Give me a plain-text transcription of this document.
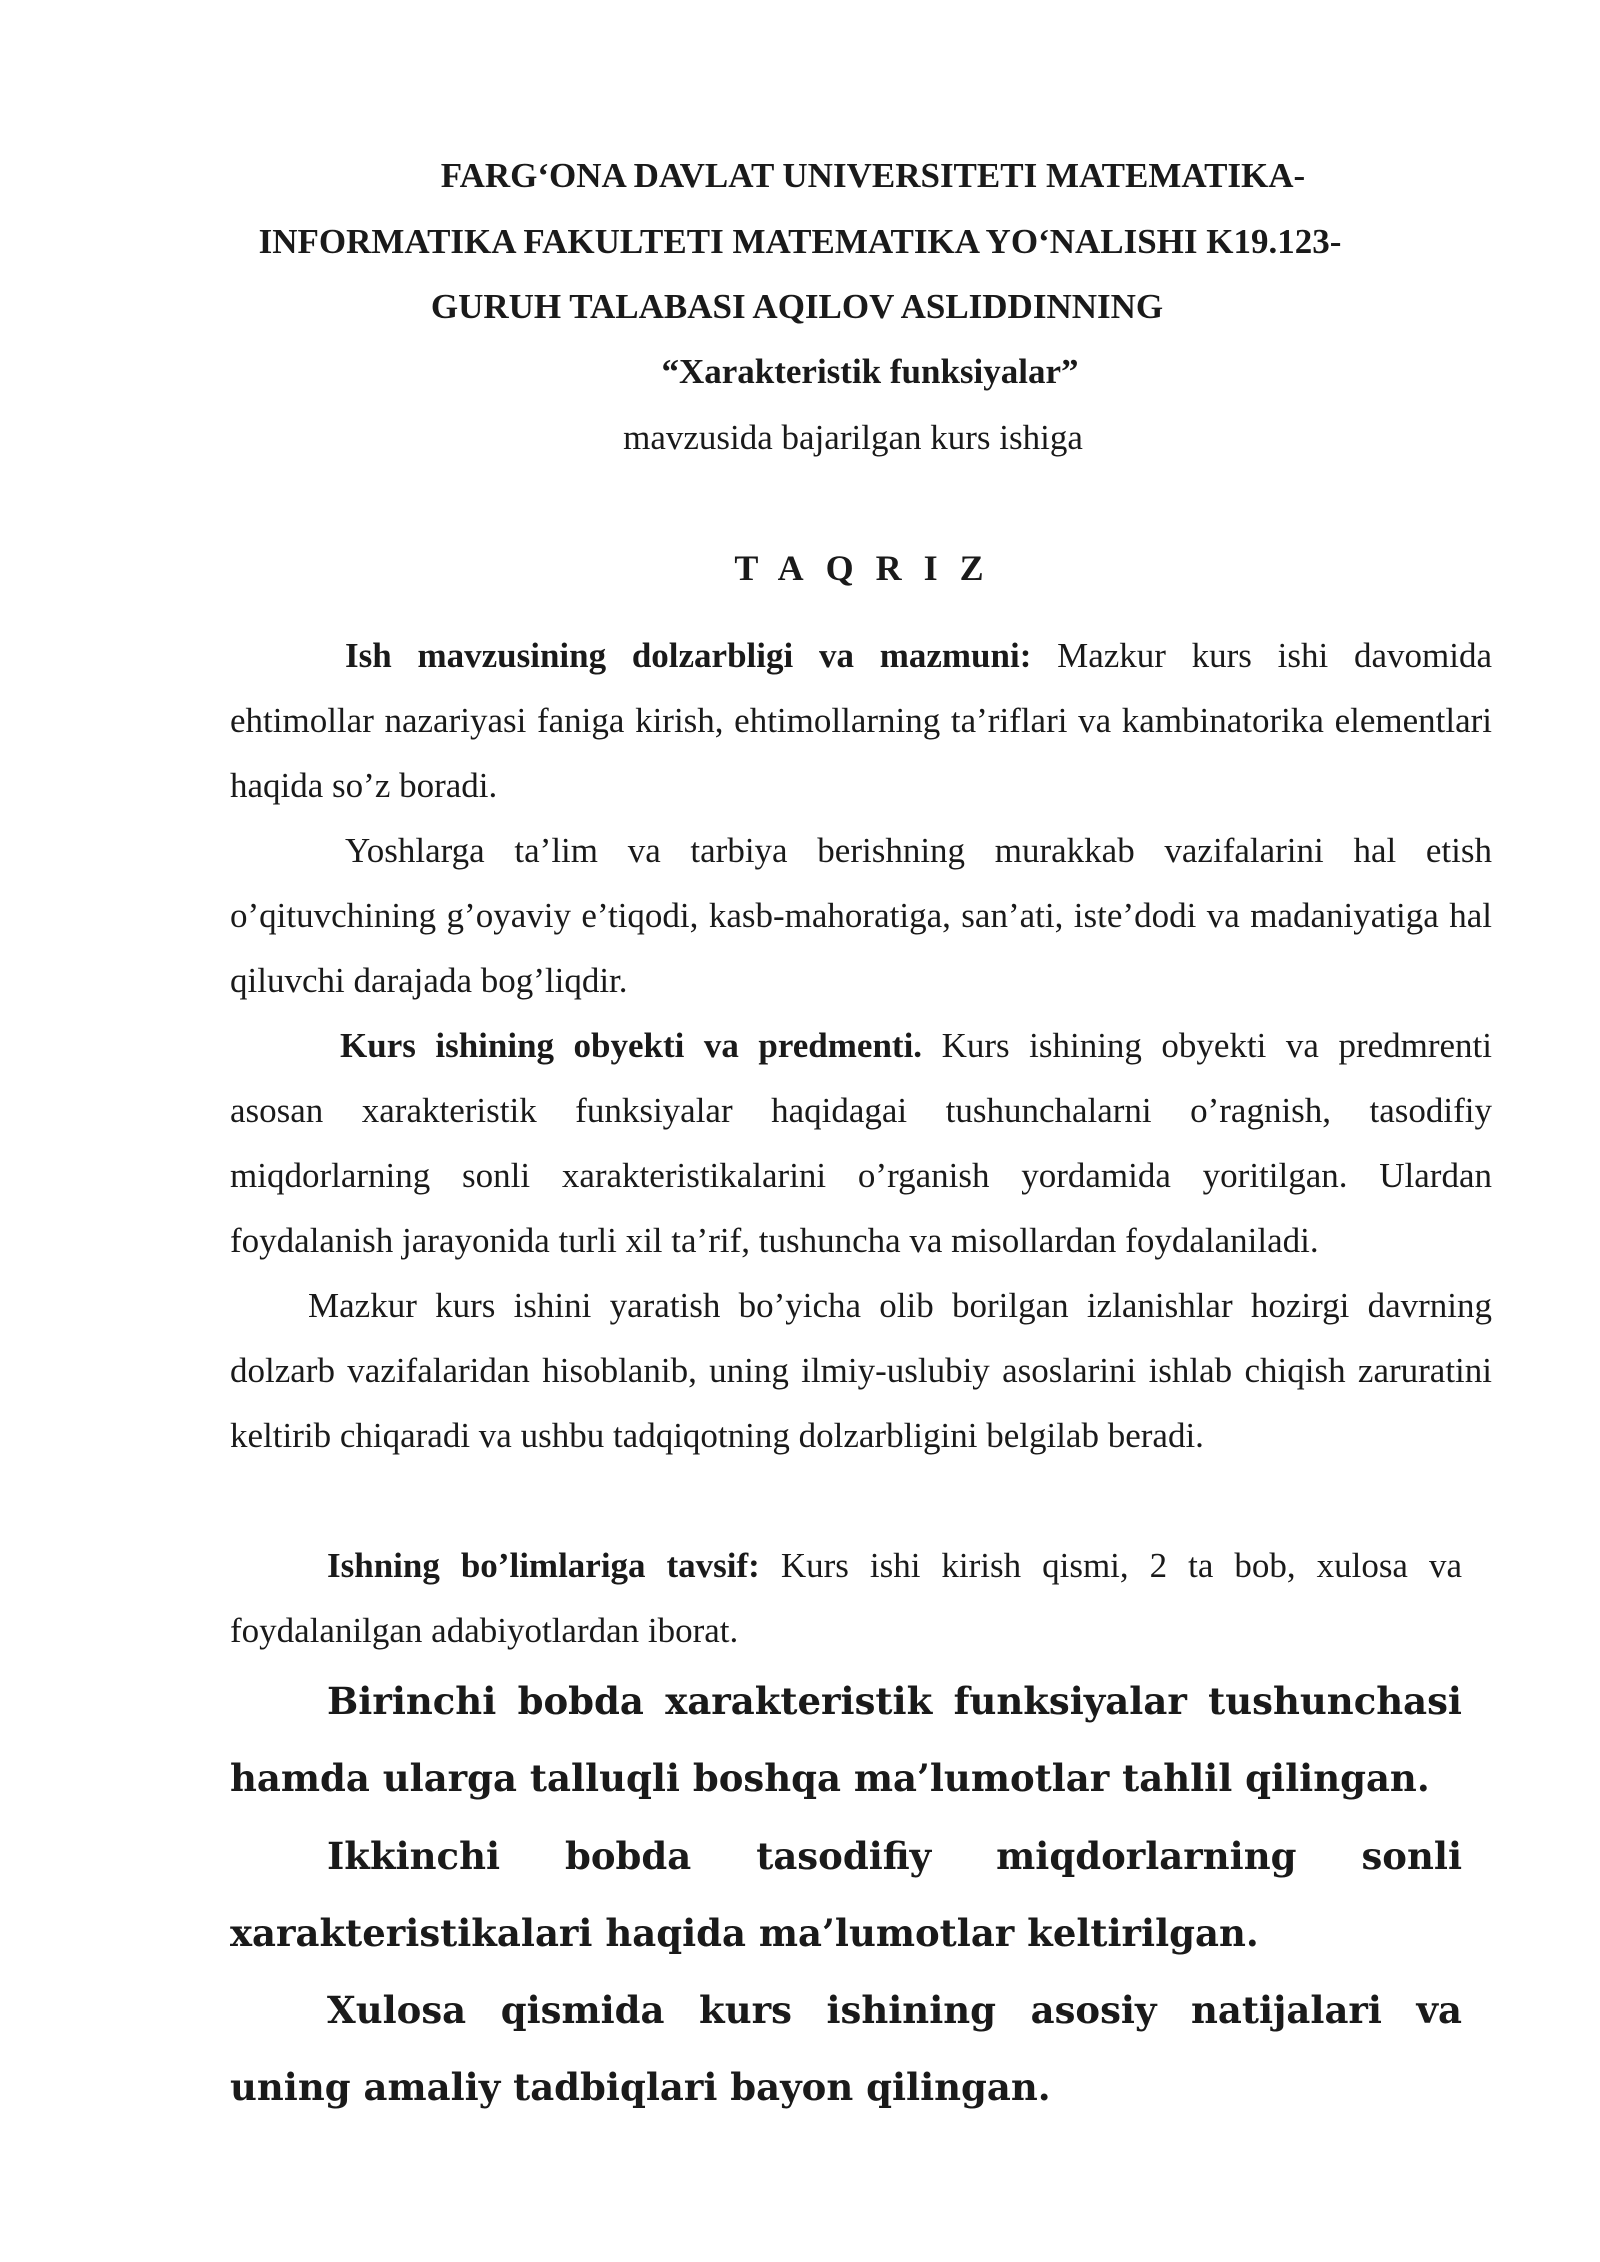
FARG‘ONA DAVLAT UNIVERSITETI MATEMATIKA-
INFORMATIKA FAKULTETI MATEMATIKA YO‘NALISHI K19.123-
GURUH TALABASI AQILOV ASLIDDINNING
“Xarakteristik funksiyalar”
mavzusida bajarilgan kurs ishiga
TAQRIZ
Ish mavzusining dolzarbligi va mazmuni: Mazkur kurs ishi davomida ehtimollar nazariyasi faniga kirish, ehtimollarning ta’riflari va kambinatorika elementlari haqida so’z boradi.
Yoshlarga ta’lim va tarbiya berishning murakkab vazifalarini hal etish o’qituvchining g’oyaviy e’tiqodi, kasb-mahoratiga, san’ati, iste’dodi va madaniyatiga hal qiluvchi darajada bog’liqdir.
Kurs ishining obyekti va predmenti. Kurs ishining obyekti va predmrenti asosan xarakteristik funksiyalar haqidagai tushunchalarni o’ragnish, tasodifiy miqdorlarning sonli xarakteristikalarini o’rganish yordamida yoritilgan. Ulardan foydalanish jarayonida turli xil ta’rif, tushuncha va misollardan foydalaniladi.
Mazkur kurs ishini yaratish bo’yicha olib borilgan izlanishlar hozirgi davrning dolzarb vazifalaridan hisoblanib, uning ilmiy-uslubiy asoslarini ishlab chiqish zaruratini keltirib chiqaradi va ushbu tadqiqotning dolzarbligini belgilab beradi.
Ishning bo’limlariga tavsif: Kurs ishi kirish qismi, 2 ta bob, xulosa va foydalanilgan adabiyotlardan iborat.
Birinchi bobda xarakteristik funksiyalar tushunchasi hamda ularga talluqli boshqa ma’lumotlar tahlil qilingan.
Ikkinchi bobda tasodifiy miqdorlarning sonli xarakteristikalari haqida ma’lumotlar keltirilgan.
Xulosa qismida kurs ishining asosiy natijalari va uning amaliy tadbiqlari bayon qilingan.
